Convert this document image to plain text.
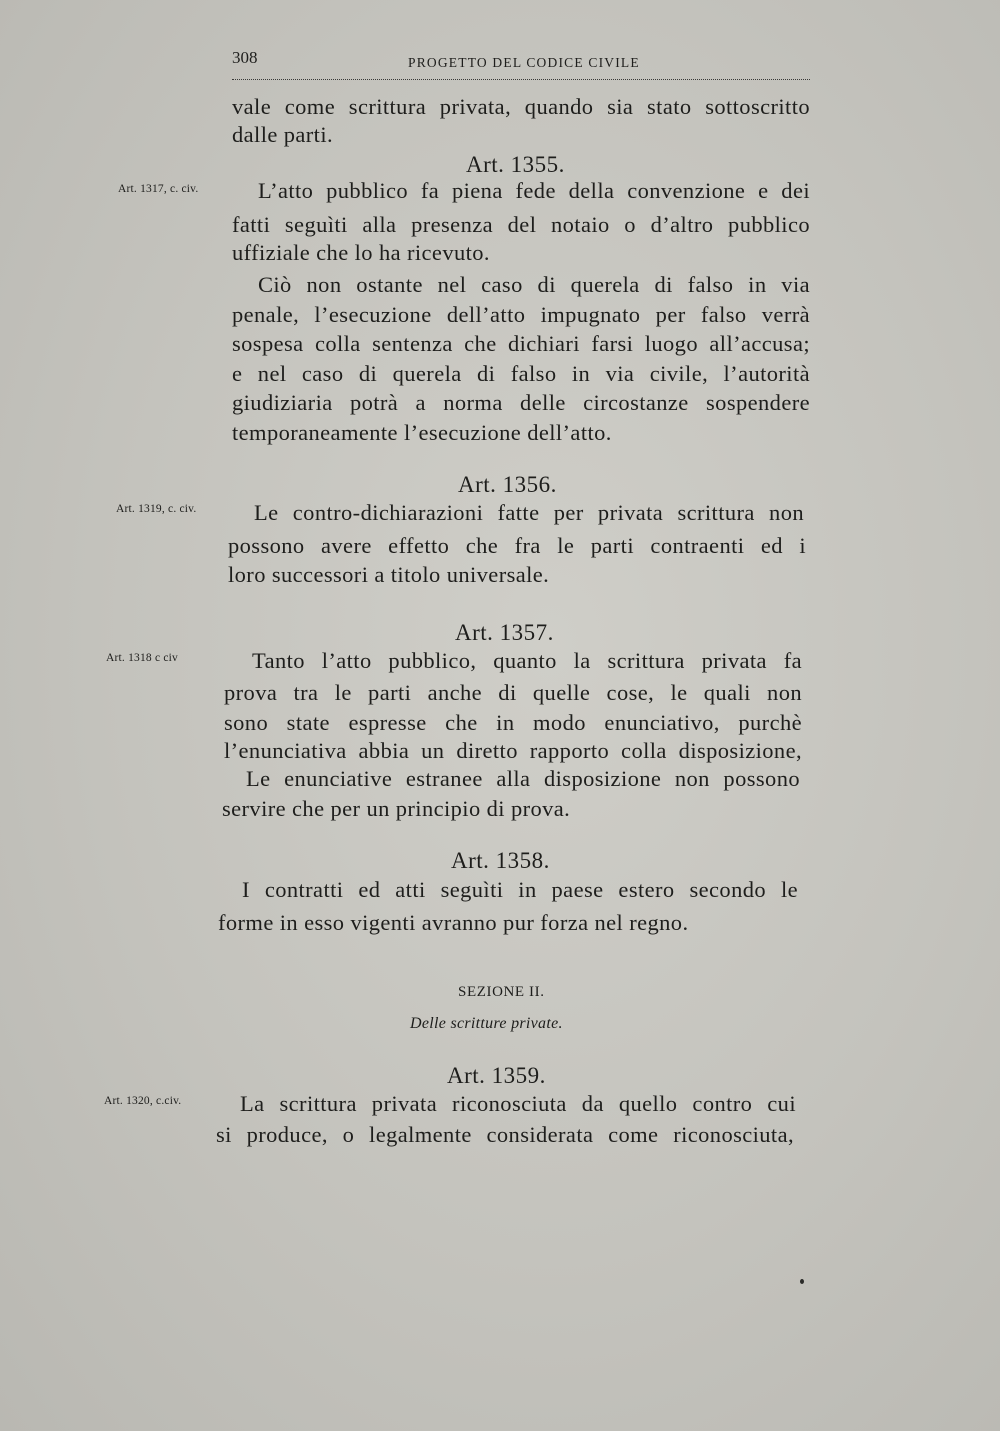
308	PROGETTO DEL CODICE CIVILE
vale come scrittura privata, quando sia stato sottoscritto
dalle parti.
Art. 1355.
Art. 1317, c. civ.	L’atto pubblico fa piena fede della convenzione e dei
fatti seguìti alla presenza del notaio o d’altro pubblico
uffiziale che lo ha ricevuto.
Ciò non ostante nel caso di querela di falso in via
penale, l’esecuzione dell’atto impugnato per falso verrà
sospesa colla sentenza che dichiari farsi luogo all’accusa;
e nel caso di querela di falso in via civile, l’autorità
giudiziaria potrà a norma delle circostanze sospendere
temporaneamente l’esecuzione dell’atto.
Art. 1356.
Art. 1319, c. civ.	Le contro-dichiarazioni fatte per privata scrittura non
possono avere effetto che fra le parti contraenti ed i
loro successori a titolo universale.
Art. 1357.
Art. 1318 c civ	Tanto l’atto pubblico, quanto la scrittura privata fa
prova tra le parti anche di quelle cose, le quali non
sono state espresse che in modo enunciativo, purchè
l’enunciativa abbia un diretto rapporto colla disposizione,
Le enunciative estranee alla disposizione non possono
servire che per un principio di prova.
Art. 1358.
I contratti ed atti seguìti in paese estero secondo le
forme in esso vigenti avranno pur forza nel regno.
SEZIONE II.
Delle scritture private.
Art. 1359.
Art. 1320, c.civ.	La scrittura privata riconosciuta da quello contro cui
si produce, o legalmente considerata come riconosciuta,
